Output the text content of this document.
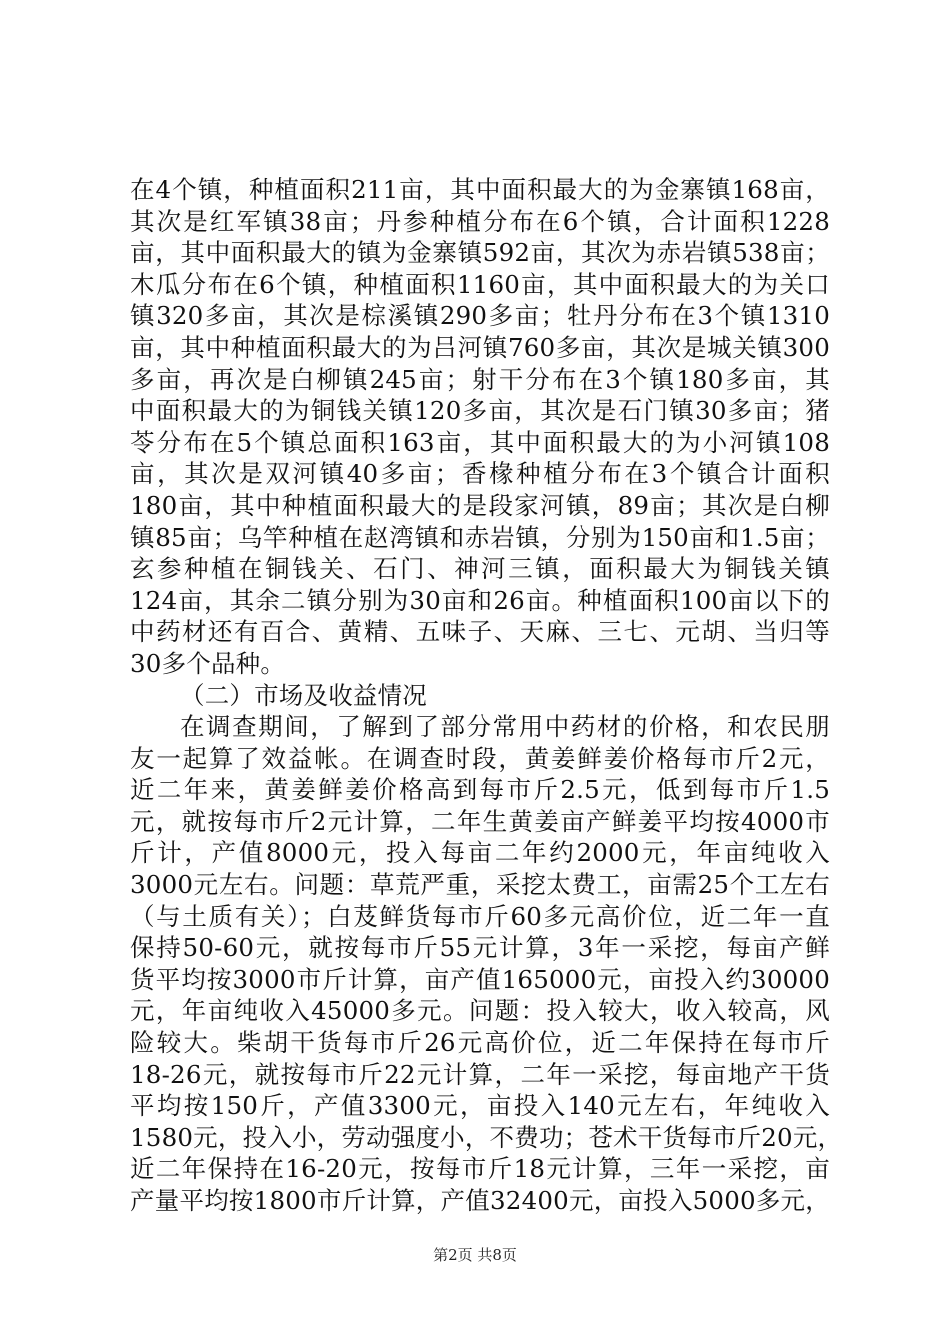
在4个镇，种植面积211亩，其中面积最大的为金寨镇168亩，
其次是红军镇38亩；丹参种植分布在6个镇，合计面积1228
亩，其中面积最大的镇为金寨镇592亩，其次为赤岩镇538亩；
木瓜分布在6个镇，种植面积1160亩，其中面积最大的为关口
镇320多亩，其次是棕溪镇290多亩；牡丹分布在3个镇1310
亩，其中种植面积最大的为吕河镇760多亩，其次是城关镇300
多亩，再次是白柳镇245亩；射干分布在3个镇180多亩，其
中面积最大的为铜钱关镇120多亩，其次是石门镇30多亩；猪
苓分布在5个镇总面积163亩，其中面积最大的为小河镇108
亩，其次是双河镇40多亩；香椽种植分布在3个镇合计面积
180亩，其中种植面积最大的是段家河镇，89亩；其次是白柳
镇85亩；乌竿种植在赵湾镇和赤岩镇，分别为150亩和1.5亩；
玄参种植在铜钱关、石门、神河三镇，面积最大为铜钱关镇
124亩，其余二镇分别为30亩和26亩。种植面积100亩以下的
中药材还有百合、黄精、五味子、天麻、三七、元胡、当归等
30多个品种。
（二）市场及收益情况
在调查期间，了解到了部分常用中药材的价格，和农民朋
友一起算了效益帐。在调查时段，黄姜鲜姜价格每市斤2元，
近二年来，黄姜鲜姜价格高到每市斤2.5元，低到每市斤1.5
元，就按每市斤2元计算，二年生黄姜亩产鲜姜平均按4000市
斤计，产值8000元，投入每亩二年约2000元，年亩纯收入
3000元左右。问题：草荒严重，采挖太费工，亩需25个工左右
（与土质有关）；白芨鲜货每市斤60多元高价位，近二年一直
保持50-60元，就按每市斤55元计算，3年一采挖，每亩产鲜
货平均按3000市斤计算，亩产值165000元，亩投入约30000
元，年亩纯收入45000多元。问题：投入较大，收入较高，风
险较大。柴胡干货每市斤26元高价位，近二年保持在每市斤
18-26元，就按每市斤22元计算，二年一采挖，每亩地产干货
平均按150斤，产值3300元，亩投入140元左右，年纯收入
1580元，投入小，劳动强度小，不费功；苍术干货每市斤20元，
近二年保持在16-20元，按每市斤18元计算，三年一采挖，亩
产量平均按1800市斤计算，产值32400元，亩投入5000多元，
第2页 共8页
